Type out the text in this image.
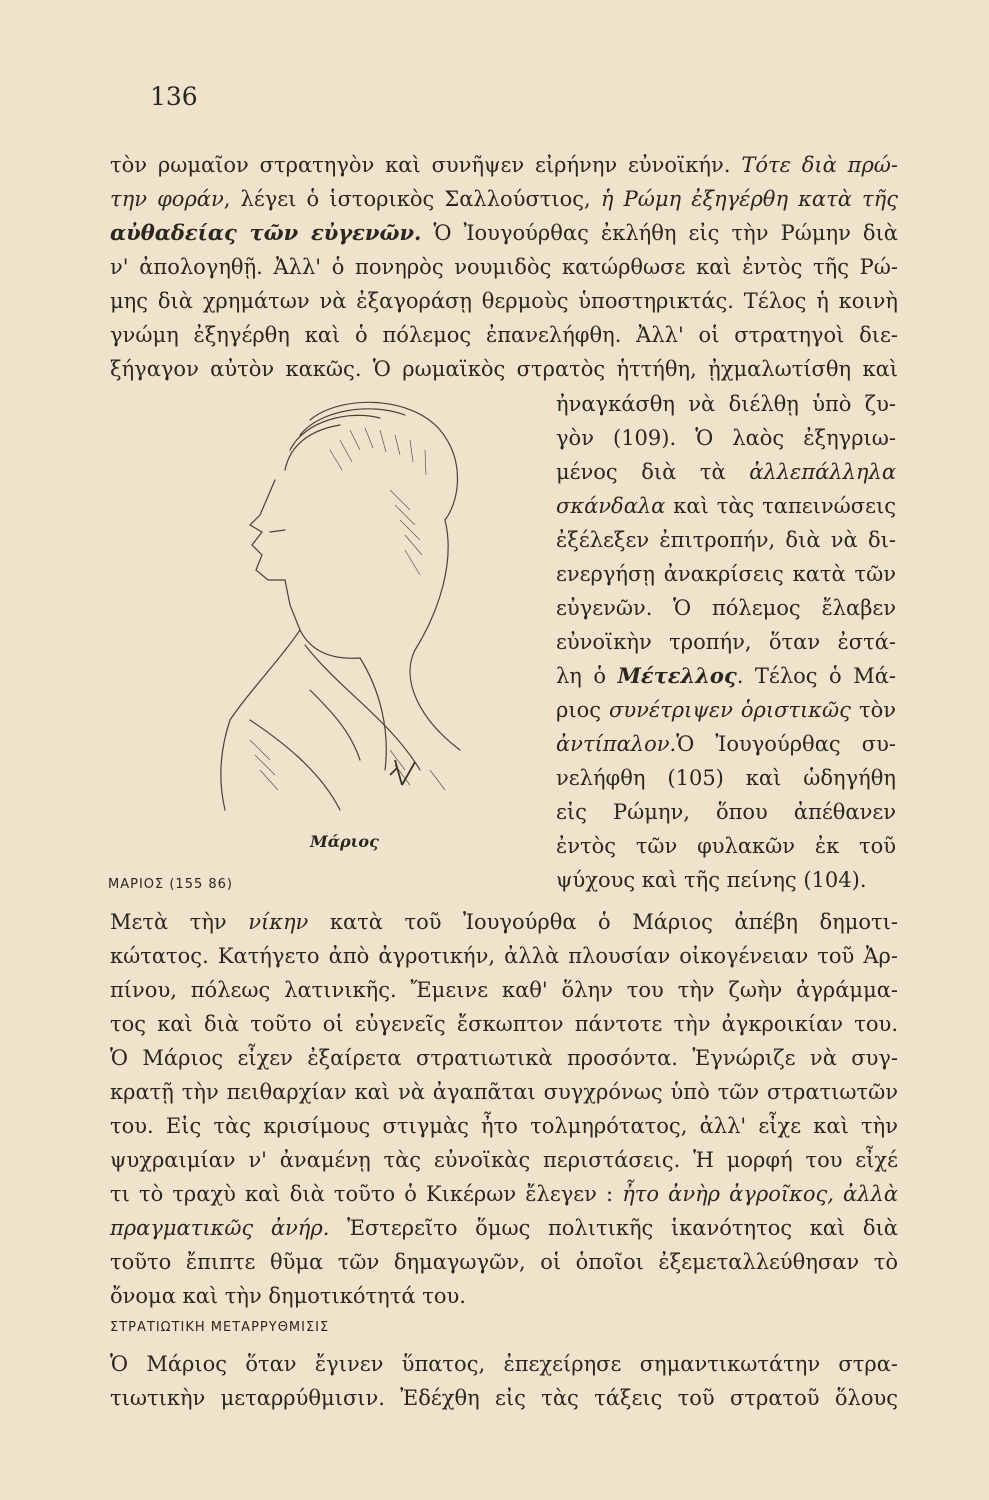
136
τὸν ρωμαῖον στρατηγὸν καὶ συνῆψεν εἰρήνην εὐνοϊκήν. Τότε διὰ πρώ-
την φοράν, λέγει ὁ ἱστορικὸς Σαλλούστιος, ἡ Ρώμη ἐξηγέρθη κατὰ τῆς
αὐθαδείας τῶν εὐγενῶν. Ὁ Ἰουγούρθας ἐκλήθη εἰς τὴν Ρώμην διὰ
ν' ἀπολογηθῇ. Ἀλλ' ὁ πονηρὸς νουμιδὸς κατώρθωσε καὶ ἐντὸς τῆς Ρώ-
μης διὰ χρημάτων νὰ ἐξαγοράσῃ θερμοὺς ὑποστηρικτάς. Τέλος ἡ κοινὴ
γνώμη ἐξηγέρθη καὶ ὁ πόλεμος ἐπανελήφθη. Ἀλλ' οἱ στρατηγοὶ διε-
ξήγαγον αὐτὸν κακῶς. Ὁ ρωμαϊκὸς στρατὸς ἡττήθη, ᾐχμαλωτίσθη καὶ
Μάριος
ἠναγκάσθη νὰ διέλθῃ ὑπὸ ζυ-
γὸν (109). Ὁ λαὸς ἐξηγριω-
μένος διὰ τὰ ἀλλεπάλληλα
σκάνδαλα καὶ τὰς ταπεινώσεις
ἐξέλεξεν ἐπιτροπήν, διὰ νὰ δι-
ενεργήσῃ ἀνακρίσεις κατὰ τῶν
εὐγενῶν. Ὁ πόλεμος ἔλαβεν
εὐνοϊκὴν τροπήν, ὅταν ἐστά-
λη ὁ Μέτελλος. Τέλος ὁ Μά-
ριος συνέτριψεν ὁριστικῶς τὸν
ἀντίπαλον.Ὁ Ἰουγούρθας συ-
νελήφθη (105) καὶ ὡδηγήθη
εἰς Ρώμην, ὅπου ἀπέθανεν
ἐντὸς τῶν φυλακῶν ἐκ τοῦ
ψύχους καὶ τῆς πείνης (104).
ΜΑΡΙΟΣ (155 86)
Μετὰ τὴν νίκην κατὰ τοῦ Ἰουγούρθα ὁ Μάριος ἀπέβη δημοτι-
κώτατος. Κατήγετο ἀπὸ ἀγροτικήν, ἀλλὰ πλουσίαν οἰκογένειαν τοῦ Ἀρ-
πίνου, πόλεως λατινικῆς. Ἔμεινε καθ' ὅλην του τὴν ζωὴν ἀγράμμα-
τος καὶ διὰ τοῦτο οἱ εὐγενεῖς ἔσκωπτον πάντοτε τὴν ἀγκροικίαν του.
Ὁ Μάριος εἶχεν ἐξαίρετα στρατιωτικὰ προσόντα. Ἐγνώριζε νὰ συγ-
κρατῇ τὴν πειθαρχίαν καὶ νὰ ἀγαπᾶται συγχρόνως ὑπὸ τῶν στρατιωτῶν
του. Εἰς τὰς κρισίμους στιγμὰς ἦτο τολμηρότατος, ἀλλ' εἶχε καὶ τὴν
ψυχραιμίαν ν' ἀναμένῃ τὰς εὐνοϊκὰς περιστάσεις. Ἡ μορφή του εἶχέ
τι τὸ τραχὺ καὶ διὰ τοῦτο ὁ Κικέρων ἔλεγεν : ἦτο ἀνὴρ ἀγροῖκος, ἀλλὰ
πραγματικῶς ἀνήρ. Ἐστερεῖτο ὅμως πολιτικῆς ἱκανότητος καὶ διὰ
τοῦτο ἔπιπτε θῦμα τῶν δημαγωγῶν, οἱ ὁποῖοι ἐξεμεταλλεύθησαν τὸ
ὄνομα καὶ τὴν δημοτικότητά του.
ΣΤΡΑΤΙΩΤΙΚΗ ΜΕΤΑΡΡΥΘΜΙΣΙΣ
Ὁ Μάριος ὅταν ἔγινεν ὕπατος, ἐπεχείρησε σημαντικωτάτην στρα-
τιωτικὴν μεταρρύθμισιν. Ἐδέχθη εἰς τὰς τάξεις τοῦ στρατοῦ ὅλους
